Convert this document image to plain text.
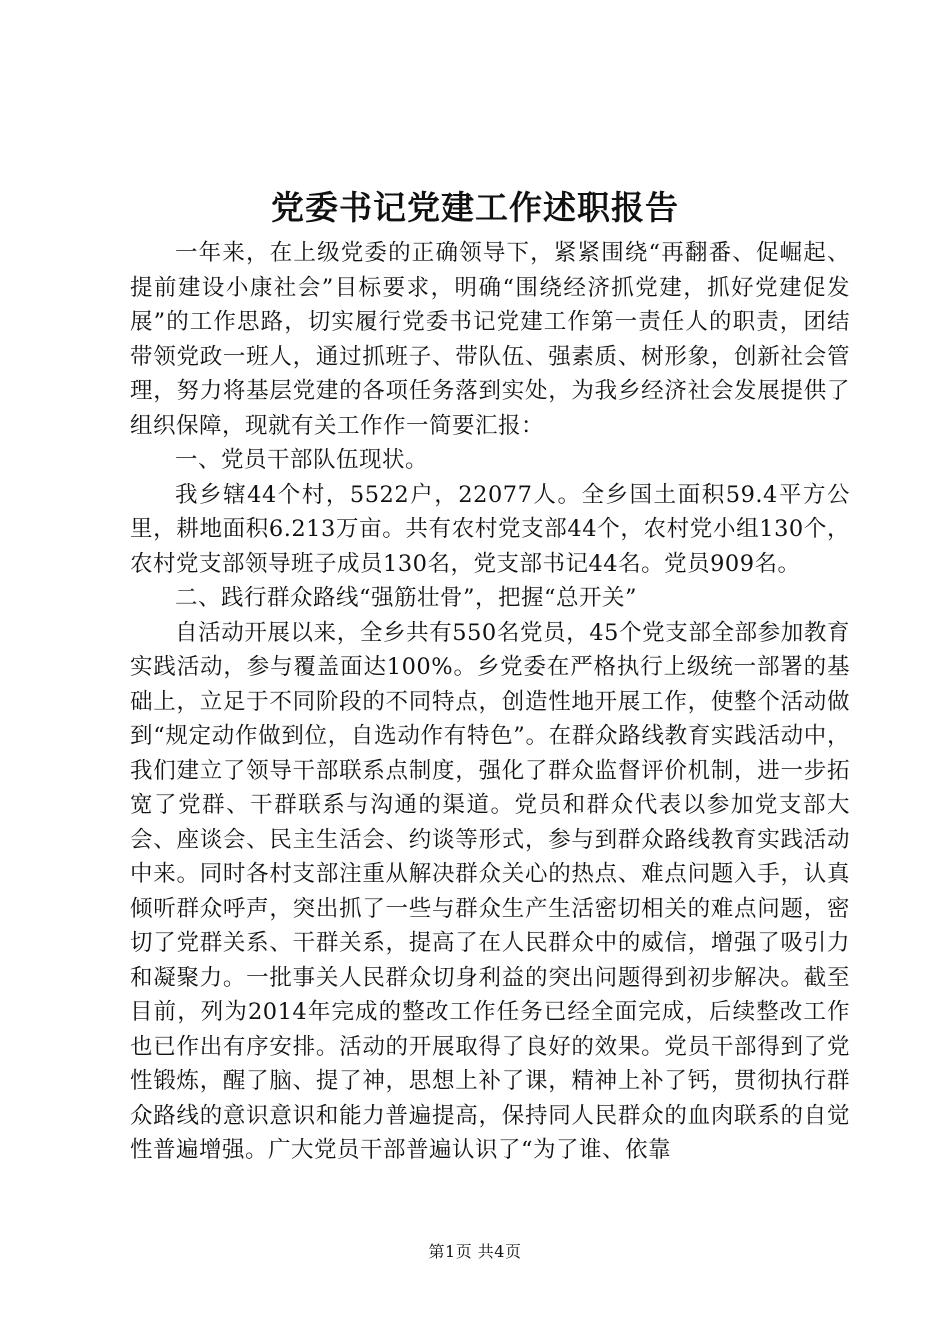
党委书记党建工作述职报告

一年来，在上级党委的正确领导下，紧紧围绕“再翻番、促崛起、提前建设小康社会”目标要求，明确“围绕经济抓党建，抓好党建促发展”的工作思路，切实履行党委书记党建工作第一责任人的职责，团结带领党政一班人，通过抓班子、带队伍、强素质、树形象，创新社会管理，努力将基层党建的各项任务落到实处，为我乡经济社会发展提供了组织保障，现就有关工作作一简要汇报：

一、党员干部队伍现状。

我乡辖44个村，5522户，22077人。全乡国土面积59.4平方公里，耕地面积6.213万亩。共有农村党支部44个，农村党小组130个，农村党支部领导班子成员130名，党支部书记44名。党员909名。

二、践行群众路线“强筋壮骨”，把握“总开关”

自活动开展以来，全乡共有550名党员，45个党支部全部参加教育实践活动，参与覆盖面达100%。乡党委在严格执行上级统一部署的基础上，立足于不同阶段的不同特点，创造性地开展工作，使整个活动做到“规定动作做到位，自选动作有特色”。在群众路线教育实践活动中，我们建立了领导干部联系点制度，强化了群众监督评价机制，进一步拓宽了党群、干群联系与沟通的渠道。党员和群众代表以参加党支部大会、座谈会、民主生活会、约谈等形式，参与到群众路线教育实践活动中来。同时各村支部注重从解决群众关心的热点、难点问题入手，认真倾听群众呼声，突出抓了一些与群众生产生活密切相关的难点问题，密切了党群关系、干群关系，提高了在人民群众中的威信，增强了吸引力和凝聚力。一批事关人民群众切身利益的突出问题得到初步解决。截至目前，列为2014年完成的整改工作任务已经全面完成，后续整改工作也已作出有序安排。活动的开展取得了良好的效果。党员干部得到了党性锻炼，醒了脑、提了神，思想上补了课，精神上补了钙，贯彻执行群众路线的意识意识和能力普遍提高，保持同人民群众的血肉联系的自觉性普遍增强。广大党员干部普遍认识了“为了谁、依靠

第1页 共4页
